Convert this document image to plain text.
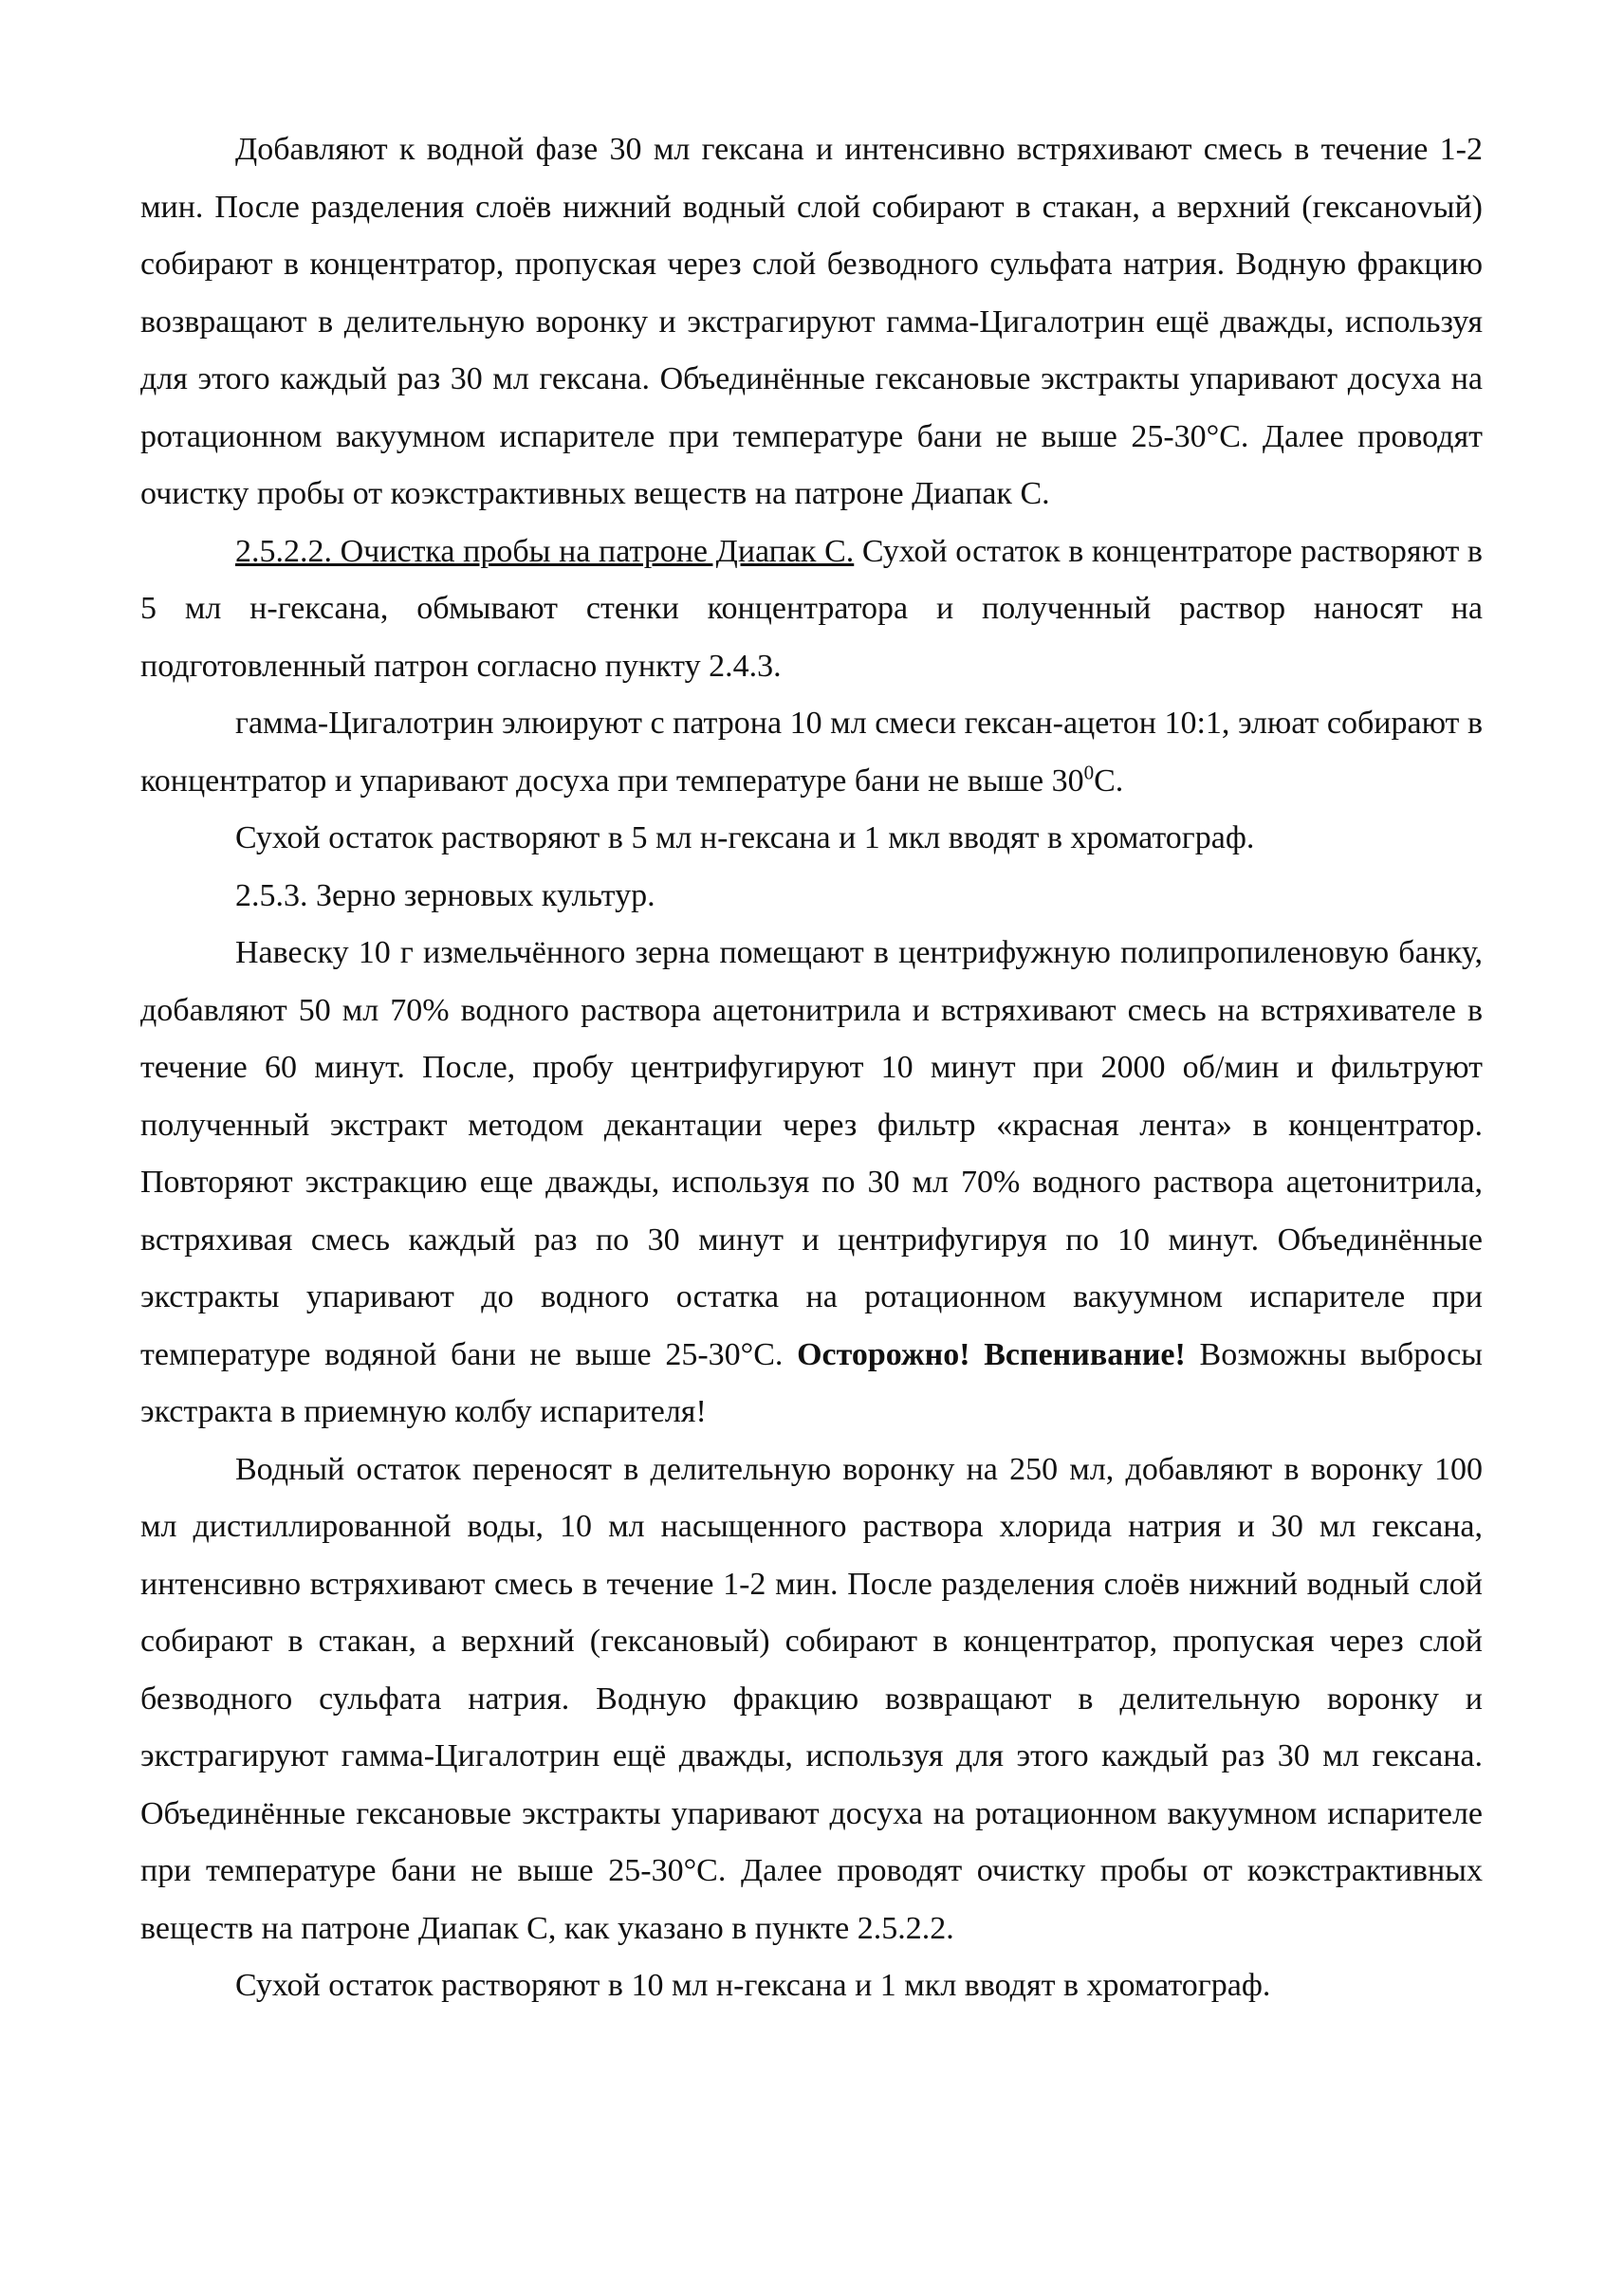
Добавляют к водной фазе 30 мл гексана и интенсивно встряхивают смесь в течение 1-2 мин. После разделения слоёв нижний водный слой собирают в стакан, а верхний (гексаноvый) собирают в концентратор, пропуская через слой безводного сульфата натрия. Водную фракцию возвращают в делительную воронку и экстрагируют гамма-Цигалотрин ещё дважды, используя для этого каждый раз 30 мл гексана. Объединённые гексановые экстракты упаривают досуха на ротационном вакуумном испарителе при температуре бани не выше 25-30°С. Далее проводят очистку пробы от коэкстрактивных веществ на патроне Диапак С.

2.5.2.2. Очистка пробы на патроне Диапак С. Сухой остаток в концентраторе растворяют в 5 мл н-гексана, обмывают стенки концентратора и полученный раствор наносят на подготовленный патрон согласно пункту 2.4.3.

гамма-Цигалотрин элюируют с патрона 10 мл смеси гексан-ацетон 10:1, элюат собирают в концентратор и упаривают досуха при температуре бани не выше $30^0С$.

Сухой остаток растворяют в 5 мл н-гексана и 1 мкл вводят в хроматограф.

2.5.3. Зерно зерновых культур.

Навеску 10 г измельчённого зерна помещают в центрифужную полипропиленовую банку, добавляют 50 мл 70% водного раствора ацетонитрила и встряхивают смесь на встряхивателе в течение 60 минут. После, пробу центрифугируют 10 минут при 2000 об/мин и фильтруют полученный экстракт методом декантации через фильтр «красная лента» в концентратор. Повторяют экстракцию еще дважды, используя по 30 мл 70% водного раствора ацетонитрила, встряхивая смесь каждый раз по 30 минут и центрифугируя по 10 минут. Объединённые экстракты упаривают до водного остатка на ротационном вакуумном испарителе при температуре водяной бани не выше 25-30°С. Осторожно! Вспенивание! Возможны выбросы экстракта в приемную колбу испарителя!

Водный остаток переносят в делительную воронку на 250 мл, добавляют в воронку 100 мл дистиллированной воды, 10 мл насыщенного раствора хлорида натрия и 30 мл гексана, интенсивно встряхивают смесь в течение 1-2 мин. После разделения слоёв нижний водный слой собирают в стакан, а верхний (гексановый) собирают в концентратор, пропуская через слой безводного сульфата натрия. Водную фракцию возвращают в делительную воронку и экстрагируют гамма-Цигалотрин ещё дважды, используя для этого каждый раз 30 мл гексана. Объединённые гексановые экстракты упаривают досуха на ротационном вакуумном испарителе при температуре бани не выше 25-30°С. Далее проводят очистку пробы от коэкстрактивных веществ на патроне Диапак С, как указано в пункте 2.5.2.2.

Сухой остаток растворяют в 10 мл н-гексана и 1 мкл вводят в хроматограф.
